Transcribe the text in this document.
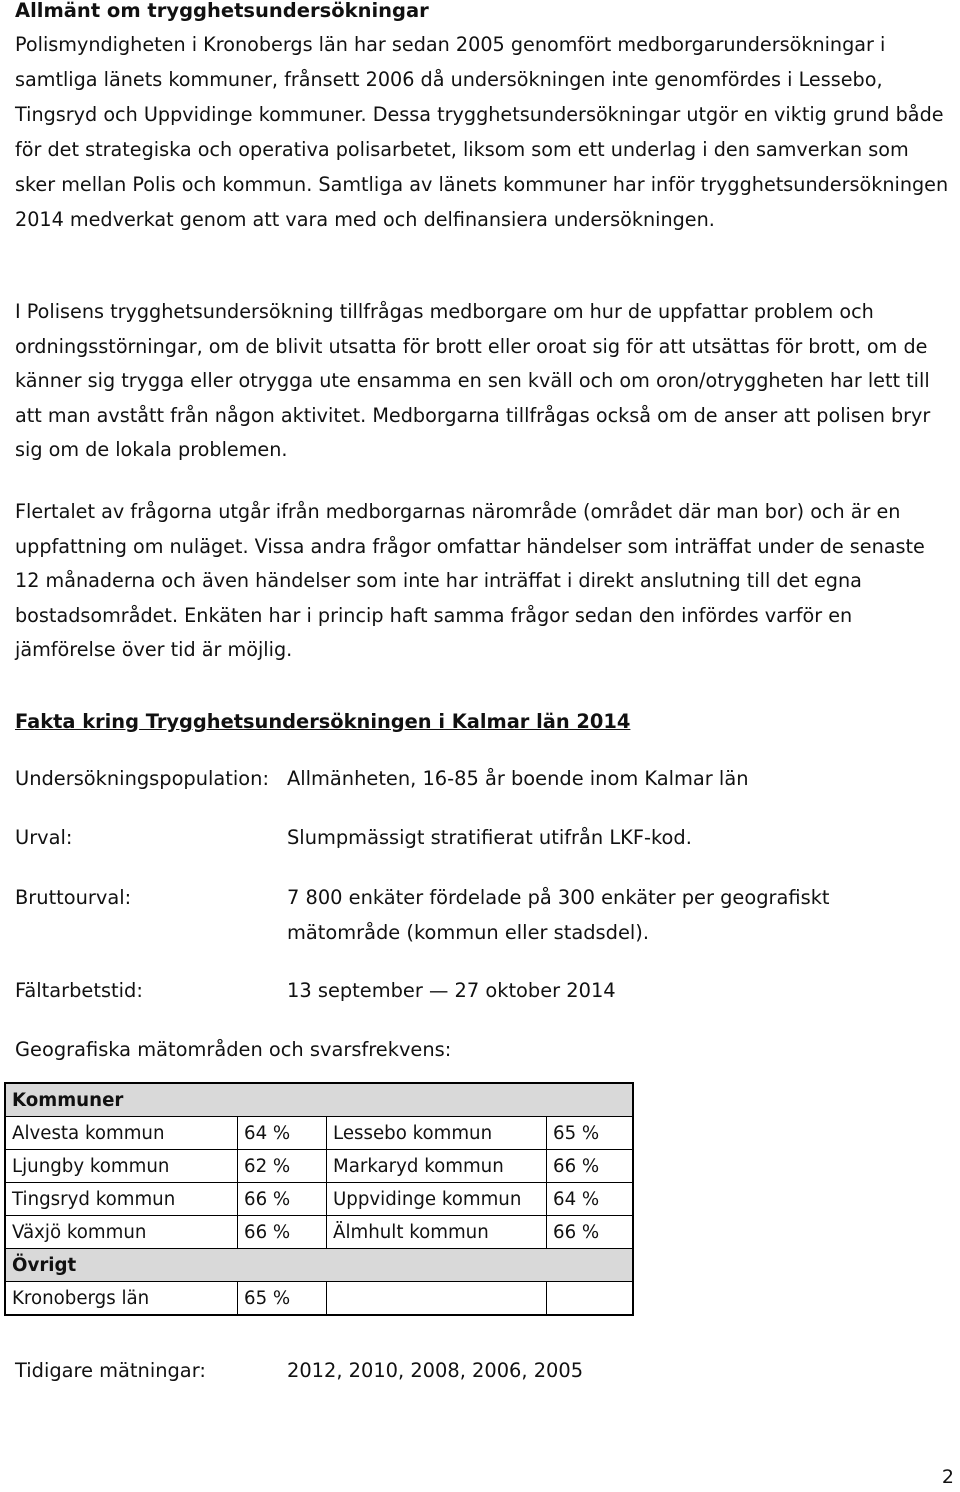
Allmänt om trygghetsundersökningar

Polismyndigheten i Kronobergs län har sedan 2005 genomfört medborgarundersökningar i samtliga länets kommuner, frånsett 2006 då undersökningen inte genomfördes i Lessebo, Tingsryd och Uppvidinge kommuner. Dessa trygghetsundersökningar utgör en viktig grund både för det strategiska och operativa polisarbetet, liksom som ett underlag i den samverkan som sker mellan Polis och kommun. Samtliga av länets kommuner har inför trygghetsundersökningen 2014 medverkat genom att vara med och delfinansiera undersökningen.

I Polisens trygghetsundersökning tillfrågas medborgare om hur de uppfattar problem och ordningsstörningar, om de blivit utsatta för brott eller oroat sig för att utsättas för brott, om de känner sig trygga eller otrygga ute ensamma en sen kväll och om oron/otryggheten har lett till att man avstått från någon aktivitet. Medborgarna tillfrågas också om de anser att polisen bryr sig om de lokala problemen.

Flertalet av frågorna utgår ifrån medborgarnas närområde (området där man bor) och är en uppfattning om nuläget. Vissa andra frågor omfattar händelser som inträffat under de senaste 12 månaderna och även händelser som inte har inträffat i direkt anslutning till det egna bostadsområdet. Enkäten har i princip haft samma frågor sedan den infördes varför en jämförelse över tid är möjlig.

Fakta kring Trygghetsundersökningen i Kalmar län 2014
Undersökningspopulation: Allmänheten, 16-85 år boende inom Kalmar län
Urval:	Slumpmässigt stratifierat utifrån LKF-kod.
Bruttourval:	7 800 enkäter fördelade på 300 enkäter per geografiskt
mätområde (kommun eller stadsdel).
Fältarbetstid:	13 september — 27 oktober 2014
Geografiska mätområden och svarsfrekvens:
Kommuner			
Alvesta kommun	64 %	Lessebo kommun	65 %
Ljungby kommun	62 %	Markaryd kommun	66 %
Tingsryd kommun	66 %	Uppvidinge kommun	64 %
Växjö kommun	66 %	Älmhult kommun	66 %
Övrigt			
Kronobergs län	65 %		
Tidigare mätningar:	2012, 2010, 2008, 2006, 2005
2
